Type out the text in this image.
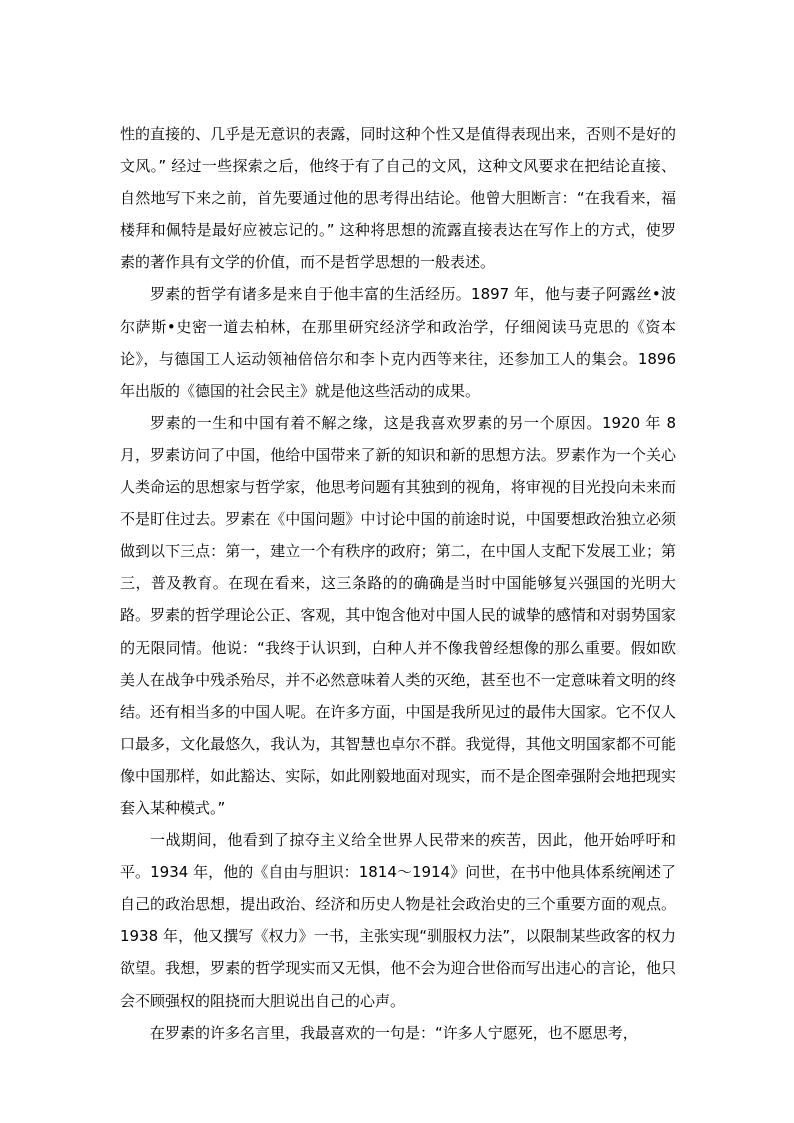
性的直接的、几乎是无意识的表露，同时这种个性又是值得表现出来，否则不是好的文风。” 经过一些探索之后，他终于有了自己的文风，这种文风要求在把结论直接、自然地写下来之前，首先要通过他的思考得出结论。他曾大胆断言：“在我看来，福楼拜和佩特是最好应被忘记的。” 这种将思想的流露直接表达在写作上的方式，使罗素的著作具有文学的价值，而不是哲学思想的一般表述。

罗素的哲学有诸多是来自于他丰富的生活经历。1897 年，他与妻子阿露丝•波尔萨斯•史密一道去柏林，在那里研究经济学和政治学，仔细阅读马克思的《资本论》，与德国工人运动领袖倍倍尔和李卜克内西等来往，还参加工人的集会。1896 年出版的《德国的社会民主》就是他这些活动的成果。

罗素的一生和中国有着不解之缘，这是我喜欢罗素的另一个原因。1920 年 8 月，罗素访问了中国，他给中国带来了新的知识和新的思想方法。罗素作为一个关心人类命运的思想家与哲学家，他思考问题有其独到的视角，将审视的目光投向未来而不是盯住过去。罗素在《中国问题》中讨论中国的前途时说，中国要想政治独立必须做到以下三点：第一，建立一个有秩序的政府；第二，在中国人支配下发展工业；第三，普及教育。在现在看来，这三条路的的确确是当时中国能够复兴强国的光明大路。罗素的哲学理论公正、客观，其中饱含他对中国人民的诚挚的感情和对弱势国家的无限同情。他说：“我终于认识到，白种人并不像我曾经想像的那么重要。假如欧美人在战争中残杀殆尽，并不必然意味着人类的灭绝，甚至也不一定意味着文明的终结。还有相当多的中国人呢。在许多方面，中国是我所见过的最伟大国家。它不仅人口最多，文化最悠久，我认为，其智慧也卓尔不群。我觉得，其他文明国家都不可能像中国那样，如此豁达、实际，如此刚毅地面对现实，而不是企图牵强附会地把现实套入某种模式。”

一战期间，他看到了掠夺主义给全世界人民带来的疾苦，因此，他开始呼吁和平。1934 年，他的《自由与胆识：1814～1914》问世，在书中他具体系统阐述了自己的政治思想，提出政治、经济和历史人物是社会政治史的三个重要方面的观点。1938 年，他又撰写《权力》一书，主张实现“驯服权力法”，以限制某些政客的权力欲望。我想，罗素的哲学现实而又无惧，他不会为迎合世俗而写出违心的言论，他只会不顾强权的阻挠而大胆说出自己的心声。

在罗素的许多名言里，我最喜欢的一句是：“许多人宁愿死，也不愿思考，
